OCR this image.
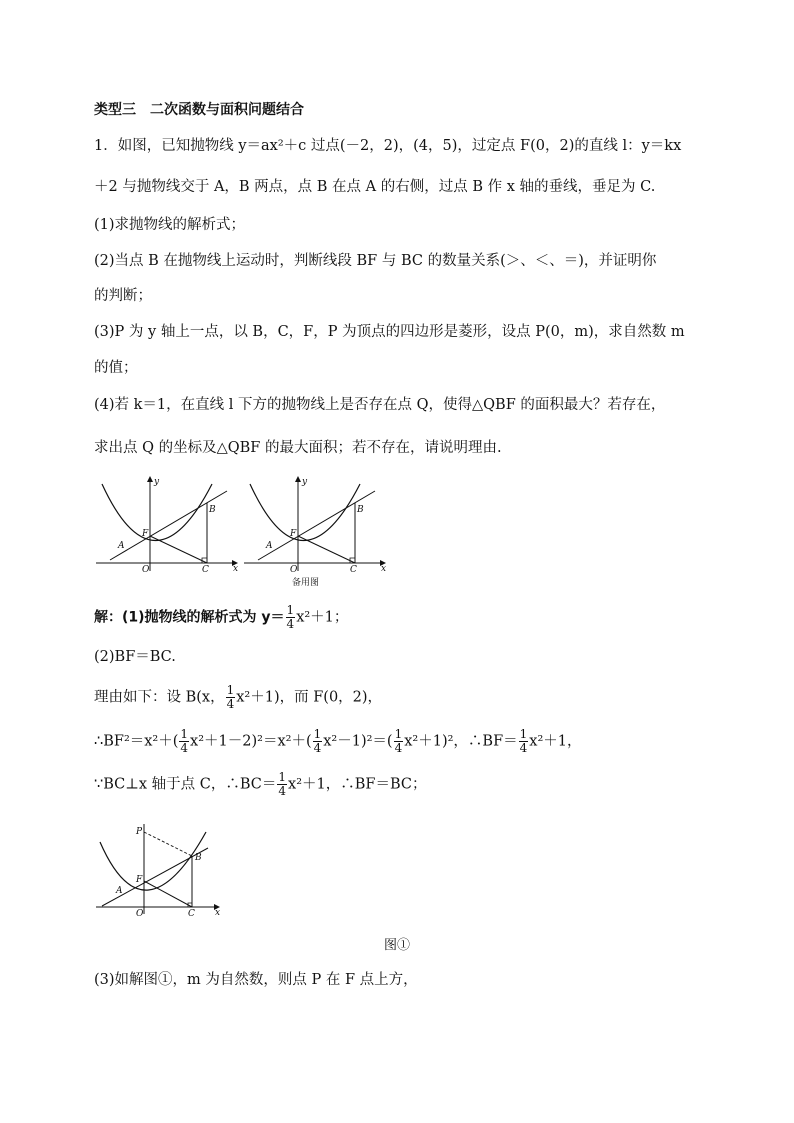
类型三　二次函数与面积问题结合
1．如图，已知抛物线 y＝ax²＋c 过点(－2，2)，(4，5)，过定点 F(0，2)的直线 l：y＝kx
＋2 与抛物线交于 A，B 两点，点 B 在点 A 的右侧，过点 B 作 x 轴的垂线，垂足为 C.
(1)求抛物线的解析式；
(2)当点 B 在抛物线上运动时，判断线段 BF 与 BC 的数量关系(＞、＜、＝)，并证明你
的判断；
(3)P 为 y 轴上一点，以 B，C，F，P 为顶点的四边形是菱形，设点 P(0，m)，求自然数 m
的值；
(4)若 k＝1，在直线 l 下方的抛物线上是否存在点 Q，使得△QBF 的面积最大？若存在，
求出点 Q 的坐标及△QBF 的最大面积；若不存在，请说明理由.
A
B
F
O	C	x
y
A
B
F
O	C	x
y
备用图
解：(1)抛物线的解析式为 $y= \frac{1}{4} x^2+1$；
(2)BF＝BC.
理由如下：设 B(x， $\frac{1}{4} x^2+1$)，而 F(0，2)，
∴BF²＝x²＋( $\frac{1}{4} x^2+1-2)^2=x^2+( \frac{1}{4} x^2-1)^2=( \frac{1}{4} x^2+1)^2$，∴BF＝ $\frac{1}{4} x^2+1$，
∵BC⊥x 轴于点 C，∴BC＝ $\frac{1}{4} x^2+1$，∴BF＝BC；
P
A
B
F
O	C x
图①
(3)如解图①，m 为自然数，则点 P 在 F 点上方，
